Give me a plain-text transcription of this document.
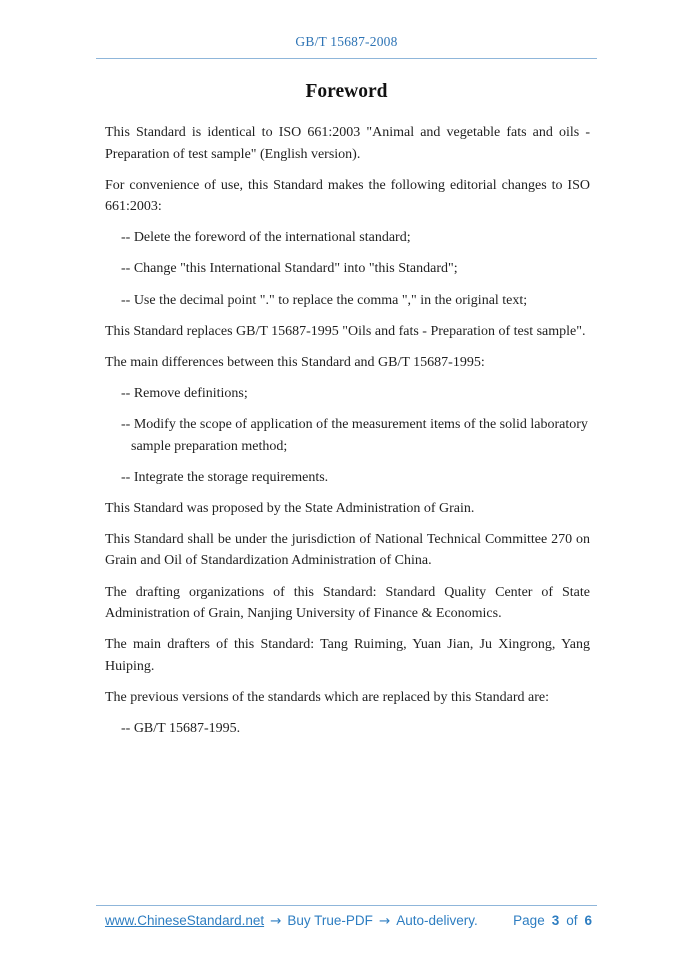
GB/T 15687-2008
Foreword
This Standard is identical to ISO 661:2003 "Animal and vegetable fats and oils - Preparation of test sample" (English version).
For convenience of use, this Standard makes the following editorial changes to ISO 661:2003:
-- Delete the foreword of the international standard;
-- Change "this International Standard" into "this Standard";
-- Use the decimal point "." to replace the comma "," in the original text;
This Standard replaces GB/T 15687-1995 "Oils and fats - Preparation of test sample".
The main differences between this Standard and GB/T 15687-1995:
-- Remove definitions;
-- Modify the scope of application of the measurement items of the solid laboratory sample preparation method;
-- Integrate the storage requirements.
This Standard was proposed by the State Administration of Grain.
This Standard shall be under the jurisdiction of National Technical Committee 270 on Grain and Oil of Standardization Administration of China.
The drafting organizations of this Standard: Standard Quality Center of State Administration of Grain, Nanjing University of Finance & Economics.
The main drafters of this Standard: Tang Ruiming, Yuan Jian, Ju Xingrong, Yang Huiping.
The previous versions of the standards which are replaced by this Standard are:
-- GB/T 15687-1995.
www.ChineseStandard.net → Buy True-PDF → Auto-delivery.	Page 3 of 6
